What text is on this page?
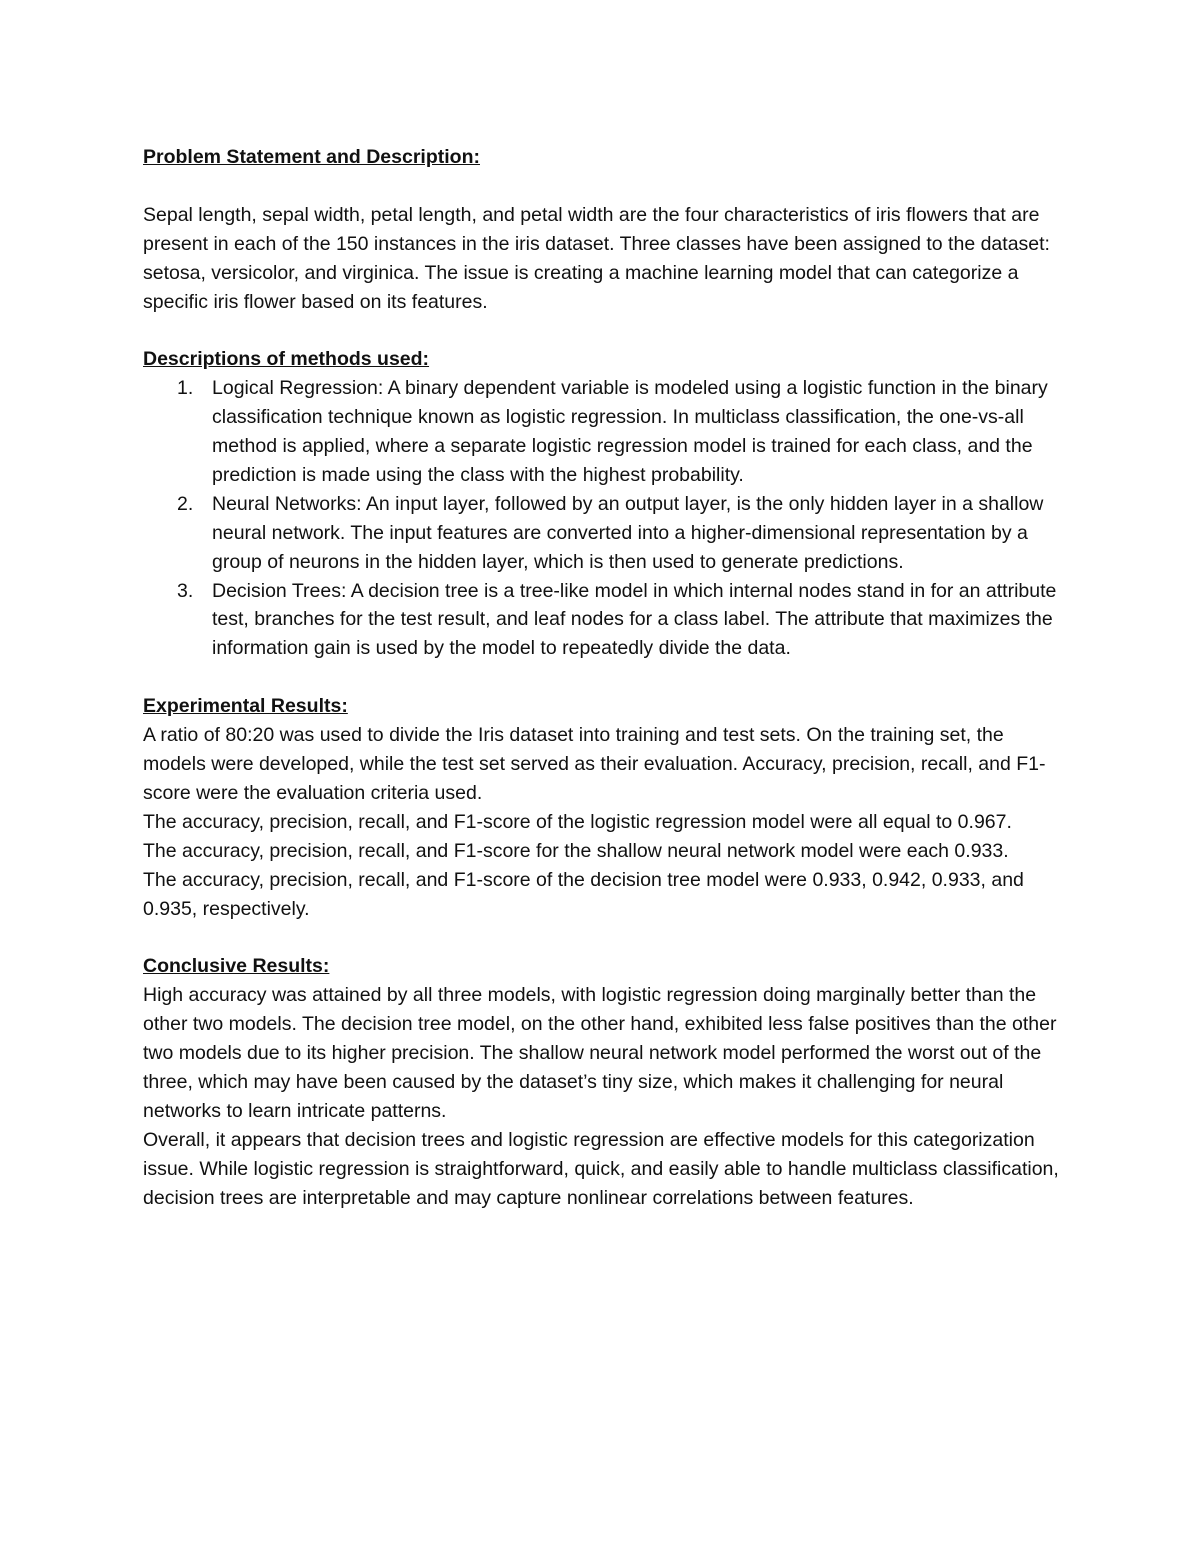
Problem Statement and Description:

Sepal length, sepal width, petal length, and petal width are the four characteristics of iris flowers that are present in each of the 150 instances in the iris dataset. Three classes have been assigned to the dataset: setosa, versicolor, and virginica. The issue is creating a machine learning model that can categorize a specific iris flower based on its features.

Descriptions of methods used:
1. Logical Regression: A binary dependent variable is modeled using a logistic function in the binary classification technique known as logistic regression. In multiclass classification, the one-vs-all method is applied, where a separate logistic regression model is trained for each class, and the prediction is made using the class with the highest probability.
2. Neural Networks: An input layer, followed by an output layer, is the only hidden layer in a shallow neural network. The input features are converted into a higher-dimensional representation by a group of neurons in the hidden layer, which is then used to generate predictions.
3. Decision Trees: A decision tree is a tree-like model in which internal nodes stand in for an attribute test, branches for the test result, and leaf nodes for a class label. The attribute that maximizes the information gain is used by the model to repeatedly divide the data.
Experimental Results:

A ratio of 80:20 was used to divide the Iris dataset into training and test sets. On the training set, the models were developed, while the test set served as their evaluation. Accuracy, precision, recall, and F1-score were the evaluation criteria used.

The accuracy, precision, recall, and F1-score of the logistic regression model were all equal to 0.967.

The accuracy, precision, recall, and F1-score for the shallow neural network model were each 0.933.

The accuracy, precision, recall, and F1-score of the decision tree model were 0.933, 0.942, 0.933, and 0.935, respectively.

Conclusive Results:

High accuracy was attained by all three models, with logistic regression doing marginally better than the other two models. The decision tree model, on the other hand, exhibited less false positives than the other two models due to its higher precision. The shallow neural network model performed the worst out of the three, which may have been caused by the dataset’s tiny size, which makes it challenging for neural networks to learn intricate patterns.

Overall, it appears that decision trees and logistic regression are effective models for this categorization issue. While logistic regression is straightforward, quick, and easily able to handle multiclass classification, decision trees are interpretable and may capture nonlinear correlations between features.
